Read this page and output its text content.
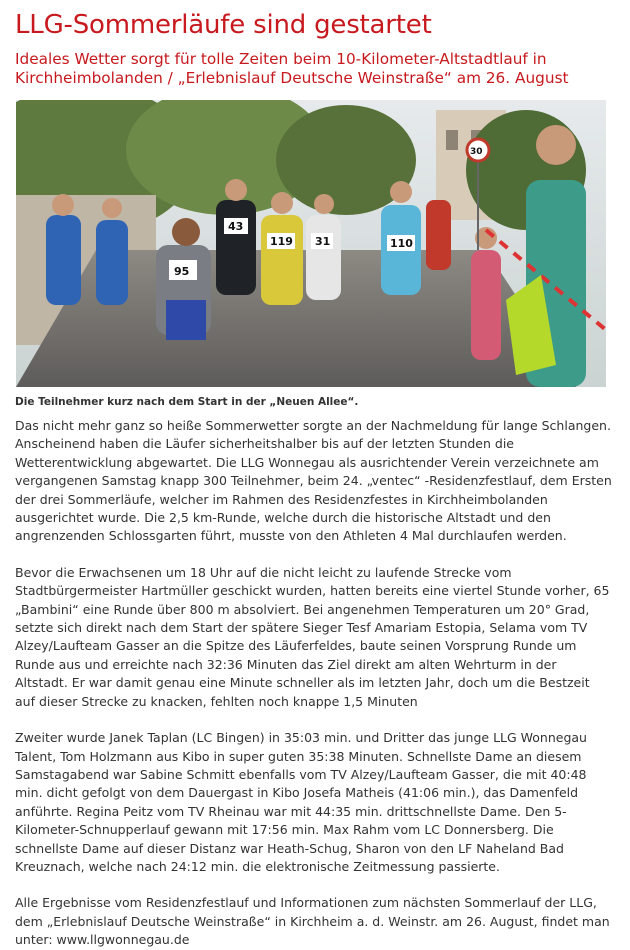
LLG-Sommerläufe sind gestartet
Ideales Wetter sorgt für tolle Zeiten beim 10-Kilometer-Altstadtlauf in Kirchheimbolanden / „Erlebnislauf Deutsche Weinstraße“ am 26. August
95
43
119 31	110
30
Die Teilnehmer kurz nach dem Start in der „Neuen Allee“.

Das nicht mehr ganz so heiße Sommerwetter sorgte an der Nachmeldung für lange Schlangen. Anscheinend haben die Läufer sicherheitshalber bis auf der letzten Stunden die Wetterentwicklung abgewartet. Die LLG Wonnegau als ausrichtender Verein verzeichnete am vergangenen Samstag knapp 300 Teilnehmer, beim 24. „ventec“ -Residenzfestlauf, dem Ersten der drei Sommerläufe, welcher im Rahmen des Residenzfestes in Kirchheimbolanden ausgerichtet wurde. Die 2,5 km-Runde, welche durch die historische Altstadt und den angrenzenden Schlossgarten führt, musste von den Athleten 4 Mal durchlaufen werden.

Bevor die Erwachsenen um 18 Uhr auf die nicht leicht zu laufende Strecke vom Stadtbürgermeister Hartmüller geschickt wurden, hatten bereits eine viertel Stunde vorher, 65 „Bambini“ eine Runde über 800 m absolviert. Bei angenehmen Temperaturen um 20° Grad, setzte sich direkt nach dem Start der spätere Sieger Tesf Amariam Estopia, Selama vom TV Alzey/Laufteam Gasser an die Spitze des Läuferfeldes, baute seinen Vorsprung Runde um Runde aus und erreichte nach 32:36 Minuten das Ziel direkt am alten Wehrturm in der Altstadt. Er war damit genau eine Minute schneller als im letzten Jahr, doch um die Bestzeit auf dieser Strecke zu knacken, fehlten noch knappe 1,5 Minuten

Zweiter wurde Janek Taplan (LC Bingen) in 35:03 min. und Dritter das junge LLG Wonnegau Talent, Tom Holzmann aus Kibo in super guten 35:38 Minuten. Schnellste Dame an diesem Samstagabend war Sabine Schmitt ebenfalls vom TV Alzey/Laufteam Gasser, die mit 40:48 min. dicht gefolgt von dem Dauergast in Kibo Josefa Matheis (41:06 min.), das Damenfeld anführte. Regina Peitz vom TV Rheinau war mit 44:35 min. drittschnellste Dame. Den 5-Kilometer-Schnupperlauf gewann mit 17:56 min. Max Rahm vom LC Donnersberg. Die schnellste Dame auf dieser Distanz war Heath-Schug, Sharon von den LF Naheland Bad Kreuznach, welche nach 24:12 min. die elektronische Zeitmessung passierte.

Alle Ergebnisse vom Residenzfestlauf und Informationen zum nächsten Sommerlauf der LLG, dem „Erlebnislauf Deutsche Weinstraße“ in Kirchheim a. d. Weinstr. am 26. August, findet man unter: www.llgwonnegau.de
